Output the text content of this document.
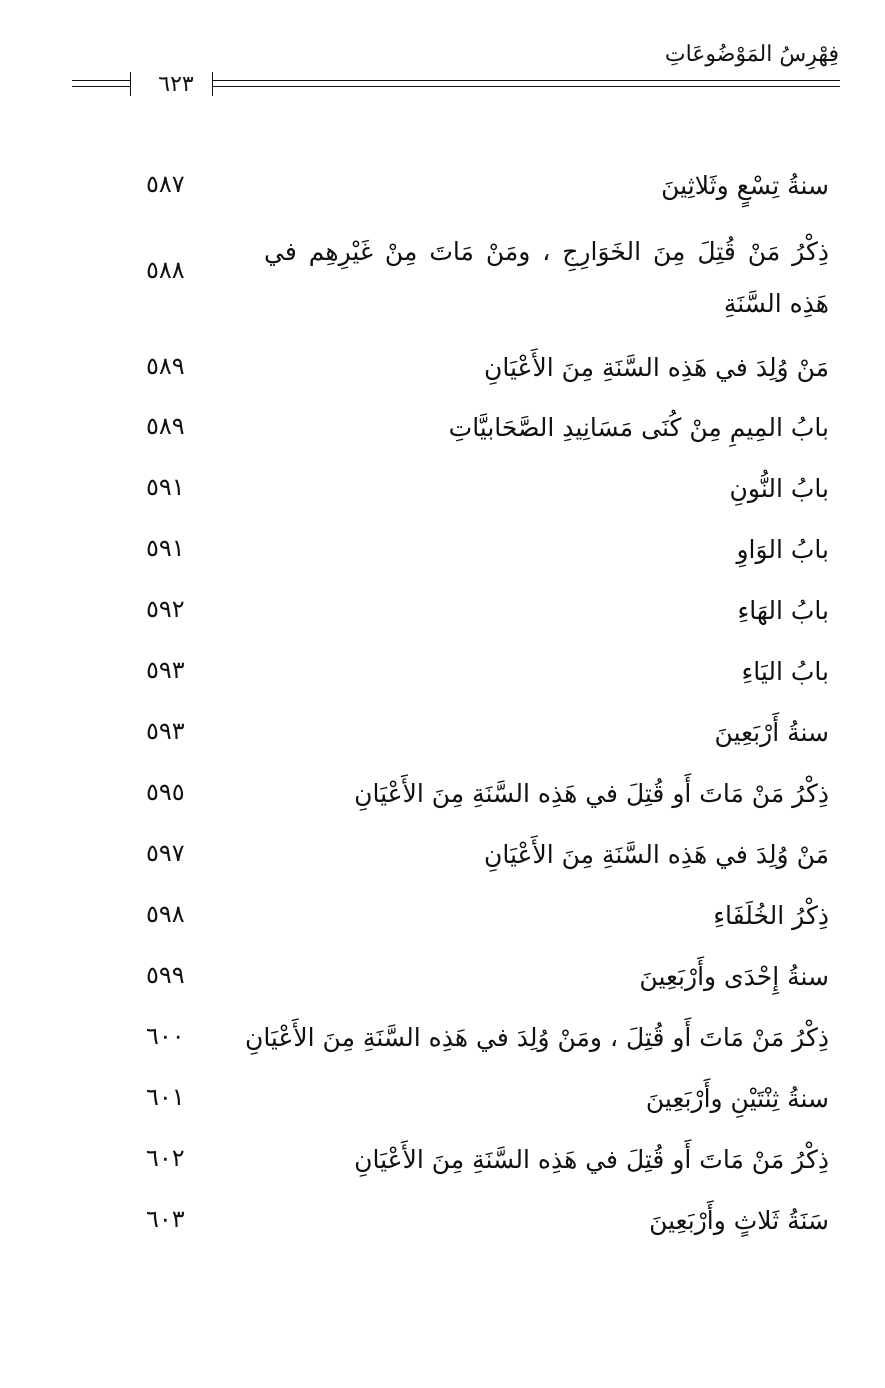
فِهْرِسُ المَوْضُوعَاتِ
٦٢٣
سنةُ تِسْعٍ وثَلاثِينَ
٥٨٧
ذِكْرُ مَنْ قُتِلَ مِنَ الخَوَارِجِ ، ومَنْ مَاتَ مِنْ غَيْرِهِم في هَذِه السَّنَةِ
٥٨٨
مَنْ وُلِدَ في هَذِه السَّنَةِ مِنَ الأَعْيَانِ
٥٨٩
بابُ المِيمِ مِنْ كُنَى مَسَانِيدِ الصَّحَابيَّاتِ
٥٨٩
بابُ النُّونِ
٥٩١
بابُ الوَاوِ
٥٩١
بابُ الهَاءِ
٥٩٢
بابُ اليَاءِ
٥٩٣
سنةُ أَرْبَعِينَ
٥٩٣
ذِكْرُ مَنْ مَاتَ أَو قُتِلَ في هَذِه السَّنَةِ مِنَ الأَعْيَانِ
٥٩٥
مَنْ وُلِدَ في هَذِه السَّنَةِ مِنَ الأَعْيَانِ
٥٩٧
ذِكْرُ الخُلَفَاءِ
٥٩٨
سنةُ إِحْدَى وأَرْبَعِينَ
٥٩٩
ذِكْرُ مَنْ مَاتَ أَو قُتِلَ ، ومَنْ وُلِدَ في هَذِه السَّنَةِ مِنَ الأَعْيَانِ
٦٠٠
سنةُ ثِنْتَيْنِ وأَرْبَعِينَ
٦٠١
ذِكْرُ مَنْ مَاتَ أَو قُتِلَ في هَذِه السَّنَةِ مِنَ الأَعْيَانِ
٦٠٢
سَنَةُ ثَلاثٍ وأَرْبَعِينَ
٦٠٣
